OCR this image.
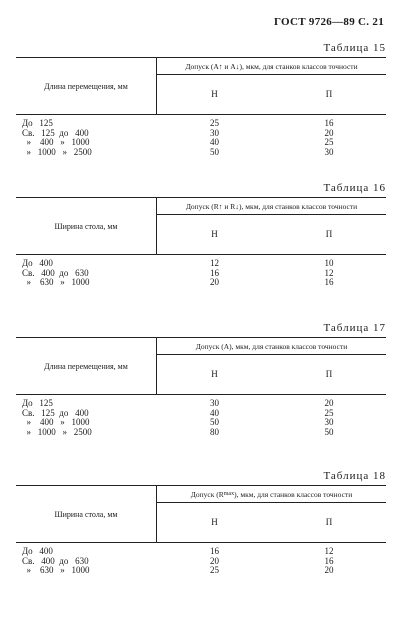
ГОСТ 9726—89 С. 21
Таблица 15
Длина перемещения, мм
Допуск (A↑ и A↓), мкм, для станков классов точности
Н	П
До   125	25	16
Св.   125  до   400	30	20
»    400   »   1000	40	25
»   1000   »   2500	50	30
Таблица 16
Ширина стола, мм
Допуск (R↑ и R↓), мкм, для станков классов точности
Н	П
До   400	12	10
Св.   400  до   630	16	12
»    630   »   1000	20	16
Таблица 17
Длина перемещения, мм
Допуск (A), мкм, для станков классов точности
Н	П
До   125	30	20
Св.   125  до   400	40	25
»    400   »   1000	50	30
»   1000   »   2500	80	50
Таблица 18
Ширина стола, мм
Допуск (R max ), мкм, для станков классов точности
Н	П
До   400	16	12
Св.   400  до   630	20	16
»    630   »   1000	25	20
